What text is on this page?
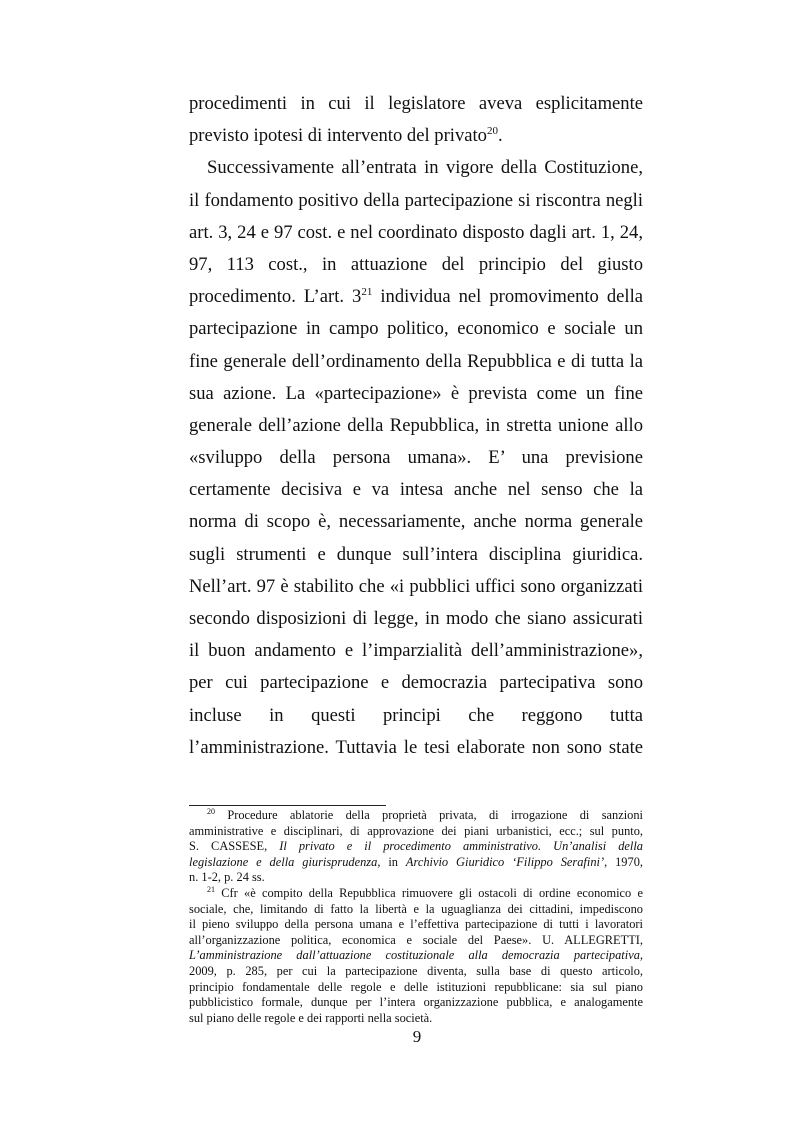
procedimenti in cui il legislatore aveva esplicitamente
previsto ipotesi di intervento del privato$^{20}$.
Successivamente all’entrata in vigore della Costituzione,
il fondamento positivo della partecipazione si riscontra negli
art. 3, 24 e 97 cost. e nel coordinato disposto dagli art. 1, 24,
97, 113 cost., in attuazione del principio del giusto
procedimento. L’art. $3^{21}$ individua nel promovimento della
partecipazione in campo politico, economico e sociale un
fine generale dell’ordinamento della Repubblica e di tutta la
sua azione. La «partecipazione» è prevista come un fine
generale dell’azione della Repubblica, in stretta unione allo
«sviluppo della persona umana». E’ una previsione
certamente decisiva e va intesa anche nel senso che la
norma di scopo è, necessariamente, anche norma generale
sugli strumenti e dunque sull’intera disciplina giuridica.
Nell’art. 97 è stabilito che «i pubblici uffici sono organizzati
secondo disposizioni di legge, in modo che siano assicurati
il buon andamento e l’imparzialità dell’amministrazione»,
per cui partecipazione e democrazia partecipativa sono
incluse in questi principi che reggono tutta
l’amministrazione. Tuttavia le tesi elaborate non sono state
$^{20}$ Procedure ablatorie della proprietà privata, di irrogazione di sanzioni
amministrative e disciplinari, di approvazione dei piani urbanistici, ecc.; sul punto,
S. CASSESE, Il privato e il procedimento amministrativo. Un’analisi della
legislazione e della giurisprudenza, in Archivio Giuridico ‘Filippo Serafini’, 1970,
n. 1-2, p. 24 ss.
$^{21}$ Cfr «è compito della Repubblica rimuovere gli ostacoli di ordine economico e
sociale, che, limitando di fatto la libertà e la uguaglianza dei cittadini, impediscono
il pieno sviluppo della persona umana e l’effettiva partecipazione di tutti i lavoratori
all’organizzazione politica, economica e sociale del Paese». U. ALLEGRETTI,
L’amministrazione dall’attuazione costituzionale alla democrazia partecipativa,
2009, p. 285, per cui la partecipazione diventa, sulla base di questo articolo,
principio fondamentale delle regole e delle istituzioni repubblicane: sia sul piano
pubblicistico formale, dunque per l’intera organizzazione pubblica, e analogamente
sul piano delle regole e dei rapporti nella società.
9
